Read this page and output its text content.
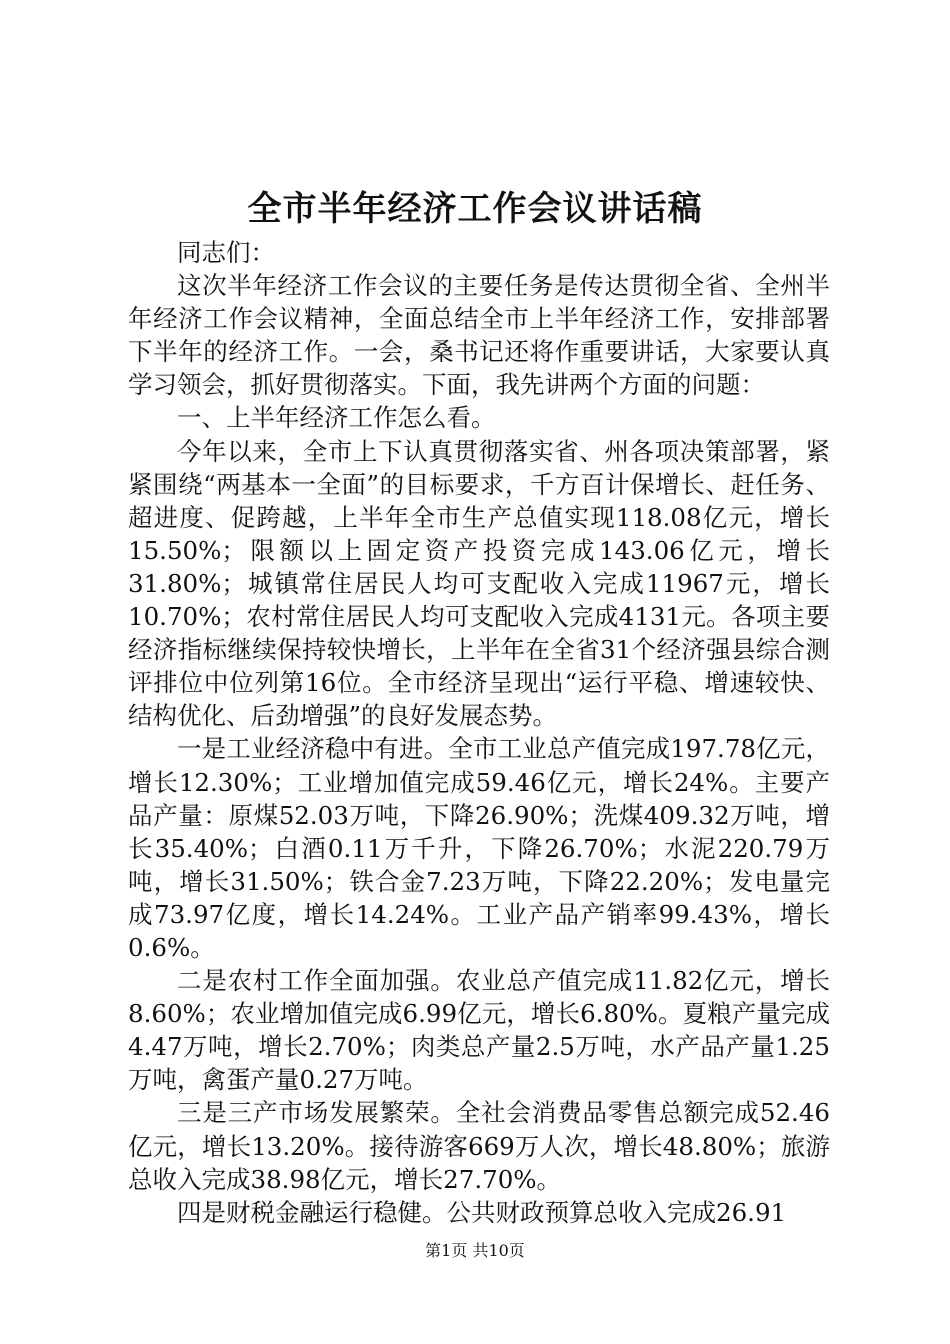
全市半年经济工作会议讲话稿

同志们：

这次半年经济工作会议的主要任务是传达贯彻全省、全州半年经济工作会议精神，全面总结全市上半年经济工作，安排部署下半年的经济工作。一会，桑书记还将作重要讲话，大家要认真学习领会，抓好贯彻落实。下面，我先讲两个方面的问题：

一、上半年经济工作怎么看。

今年以来，全市上下认真贯彻落实省、州各项决策部署，紧紧围绕“两基本一全面”的目标要求，千方百计保增长、赶任务、超进度、促跨越，上半年全市生产总值实现118.08亿元，增长15.50%；限额以上固定资产投资完成143.06亿元，增长31.80%；城镇常住居民人均可支配收入完成11967元，增长10.70%；农村常住居民人均可支配收入完成4131元。各项主要经济指标继续保持较快增长，上半年在全省31个经济强县综合测评排位中位列第16位。全市经济呈现出“运行平稳、增速较快、结构优化、后劲增强”的良好发展态势。

一是工业经济稳中有进。全市工业总产值完成197.78亿元，增长12.30%；工业增加值完成59.46亿元，增长24%。主要产品产量：原煤52.03万吨，下降26.90%；洗煤409.32万吨，增长35.40%；白酒0.11万千升，下降26.70%；水泥220.79万吨，增长31.50%；铁合金7.23万吨，下降22.20%；发电量完成73.97亿度，增长14.24%。工业产品产销率99.43%，增长0.6%。

二是农村工作全面加强。农业总产值完成11.82亿元，增长8.60%；农业增加值完成6.99亿元，增长6.80%。夏粮产量完成4.47万吨，增长2.70%；肉类总产量2.5万吨，水产品产量1.25万吨，禽蛋产量0.27万吨。

三是三产市场发展繁荣。全社会消费品零售总额完成52.46亿元，增长13.20%。接待游客669万人次，增长48.80%；旅游总收入完成38.98亿元，增长27.70%。

四是财税金融运行稳健。公共财政预算总收入完成26.91

第1页 共10页
